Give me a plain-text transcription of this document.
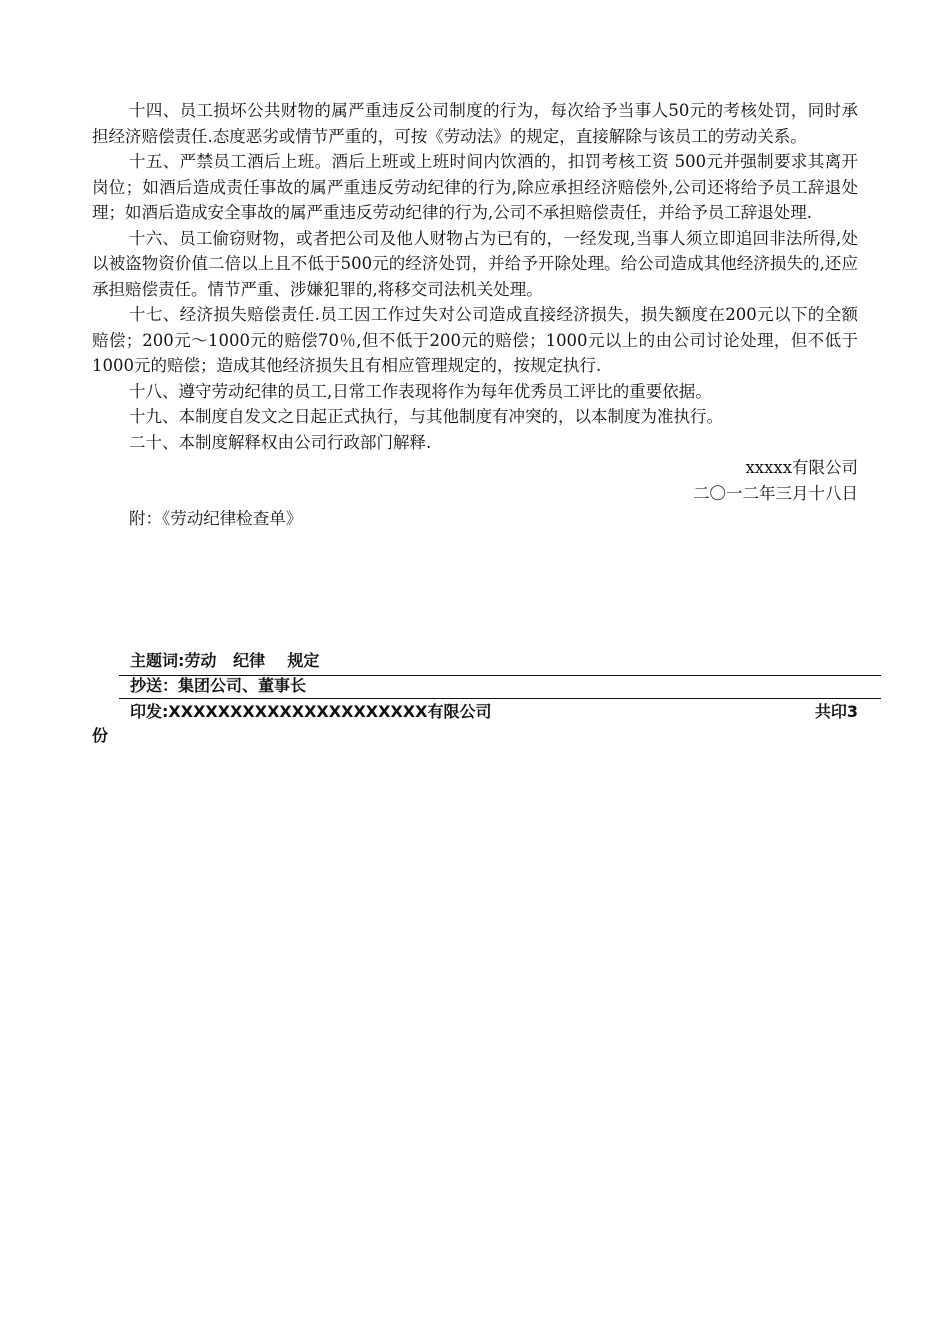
十四、员工损坏公共财物的属严重违反公司制度的行为，每次给予当事人50元的考核处罚，同时承担经济赔偿责任.态度恶劣或情节严重的，可按《劳动法》的规定，直接解除与该员工的劳动关系。

十五、严禁员工酒后上班。酒后上班或上班时间内饮酒的，扣罚考核工资 500元并强制要求其离开岗位；如酒后造成责任事故的属严重违反劳动纪律的行为,除应承担经济赔偿外,公司还将给予员工辞退处理；如酒后造成安全事故的属严重违反劳动纪律的行为,公司不承担赔偿责任，并给予员工辞退处理.

十六、员工偷窃财物，或者把公司及他人财物占为已有的，一经发现,当事人须立即追回非法所得,处以被盗物资价值二倍以上且不低于500元的经济处罚，并给予开除处理。给公司造成其他经济损失的,还应承担赔偿责任。情节严重、涉嫌犯罪的,将移交司法机关处理。

十七、经济损失赔偿责任.员工因工作过失对公司造成直接经济损失，损失额度在200元以下的全额赔偿；200元～1000元的赔偿70％,但不低于200元的赔偿；1000元以上的由公司讨论处理，但不低于1000元的赔偿；造成其他经济损失且有相应管理规定的，按规定执行.

十八、遵守劳动纪律的员工,日常工作表现将作为每年优秀员工评比的重要依据。

十九、本制度自发文之日起正式执行，与其他制度有冲突的，以本制度为准执行。

二十、本制度解释权由公司行政部门解释.

xxxxx有限公司

二〇一二年三月十八日

附：《劳动纪律检查单》

主题词:劳动   纪律    规定
抄送：集团公司、董事长
印发:XXXXXXXXXXXXXXXXXXXXX有限公司	共印3
份
